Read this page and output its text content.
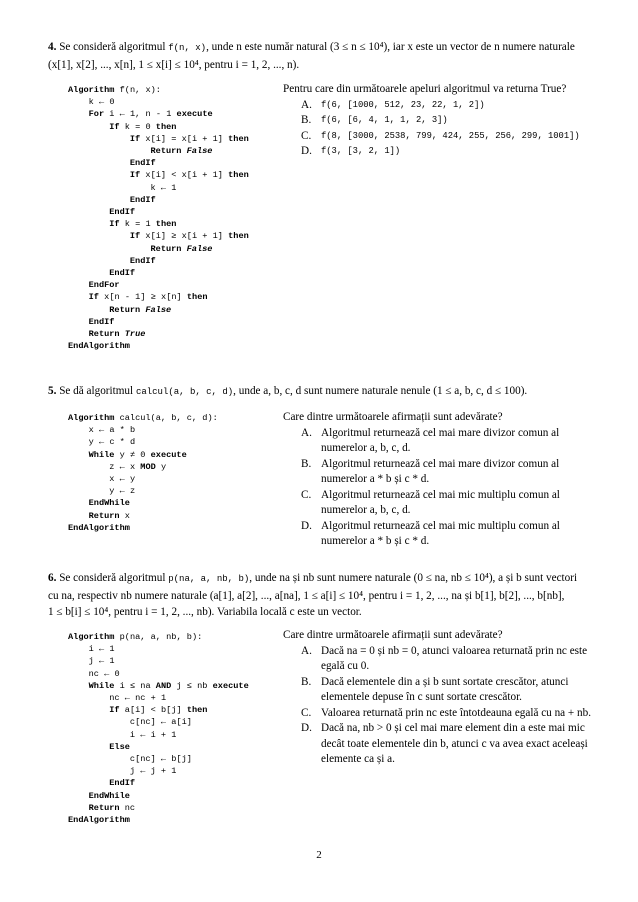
4. Se consideră algoritmul f(n, x), unde n este număr natural (3 ≤ n ≤ 10⁴), iar x este un vector de n numere naturale
(x[1], x[2], ..., x[n], 1 ≤ x[i] ≤ 10⁴, pentru i = 1, 2, ..., n).
Algorithm f(n, x):
k ← 0
For i ← 1, n - 1 execute
If k = 0 then
If x[i] = x[i + 1] then
Return False
EndIf
If x[i] < x[i + 1] then
k ← 1
EndIf
EndIf
If k = 1 then
If x[i] ≥ x[i + 1] then
Return False
EndIf
EndIf
EndFor
If x[n - 1] ≥ x[n] then
Return False
EndIf
Return True
EndAlgorithm
Pentru care din următoarele apeluri algoritmul va returna True?
A.	f(6, [1000, 512, 23, 22, 1, 2])
B.	f(6, [6, 4, 1, 1, 2, 3])
C.	f(8, [3000, 2538, 799, 424, 255, 256, 299, 1001])
D.	f(3, [3, 2, 1])
5. Se dă algoritmul calcul(a, b, c, d), unde a, b, c, d sunt numere naturale nenule (1 ≤ a, b, c, d ≤ 100).
Algorithm calcul(a, b, c, d):
x ← a * b
y ← c * d
While y ≠ 0 execute
z ← x MOD y
x ← y
y ← z
EndWhile
Return x
EndAlgorithm
Care dintre următoarele afirmații sunt adevărate?
A. Algoritmul returnează cel mai mare divizor comun al numerelor a, b, c, d.
B. Algoritmul returnează cel mai mare divizor comun al numerelor a * b și c * d.
C. Algoritmul returnează cel mai mic multiplu comun al numerelor a, b, c, d.
D. Algoritmul returnează cel mai mic multiplu comun al numerelor a * b și c * d.
6. Se consideră algoritmul p(na, a, nb, b), unde na și nb sunt numere naturale (0 ≤ na, nb ≤ 10⁴), a și b sunt vectori
cu na, respectiv nb numere naturale (a[1], a[2], ..., a[na], 1 ≤ a[i] ≤ 10⁴, pentru i = 1, 2, ..., na și b[1], b[2], ..., b[nb],
1 ≤ b[i] ≤ 10⁴, pentru i = 1, 2, ..., nb). Variabila locală c este un vector.
Algorithm p(na, a, nb, b):
i ← 1
j ← 1
nc ← 0
While i ≤ na AND j ≤ nb execute
nc ← nc + 1
If a[i] < b[j] then
c[nc] ← a[i]
i ← i + 1
Else
c[nc] ← b[j]
j ← j + 1
EndIf
EndWhile
Return nc
EndAlgorithm
Care dintre următoarele afirmații sunt adevărate?
A. Dacă na = 0 și nb = 0, atunci valoarea returnată prin nc este egală cu 0.
B. Dacă elementele din a și b sunt sortate crescător, atunci elementele depuse în c sunt sortate crescător.
C. Valoarea returnată prin nc este întotdeauna egală cu na + nb.
D. Dacă na, nb > 0 și cel mai mare element din a este mai mic decât toate elementele din b, atunci c va avea exact aceleași elemente ca și a.
2
